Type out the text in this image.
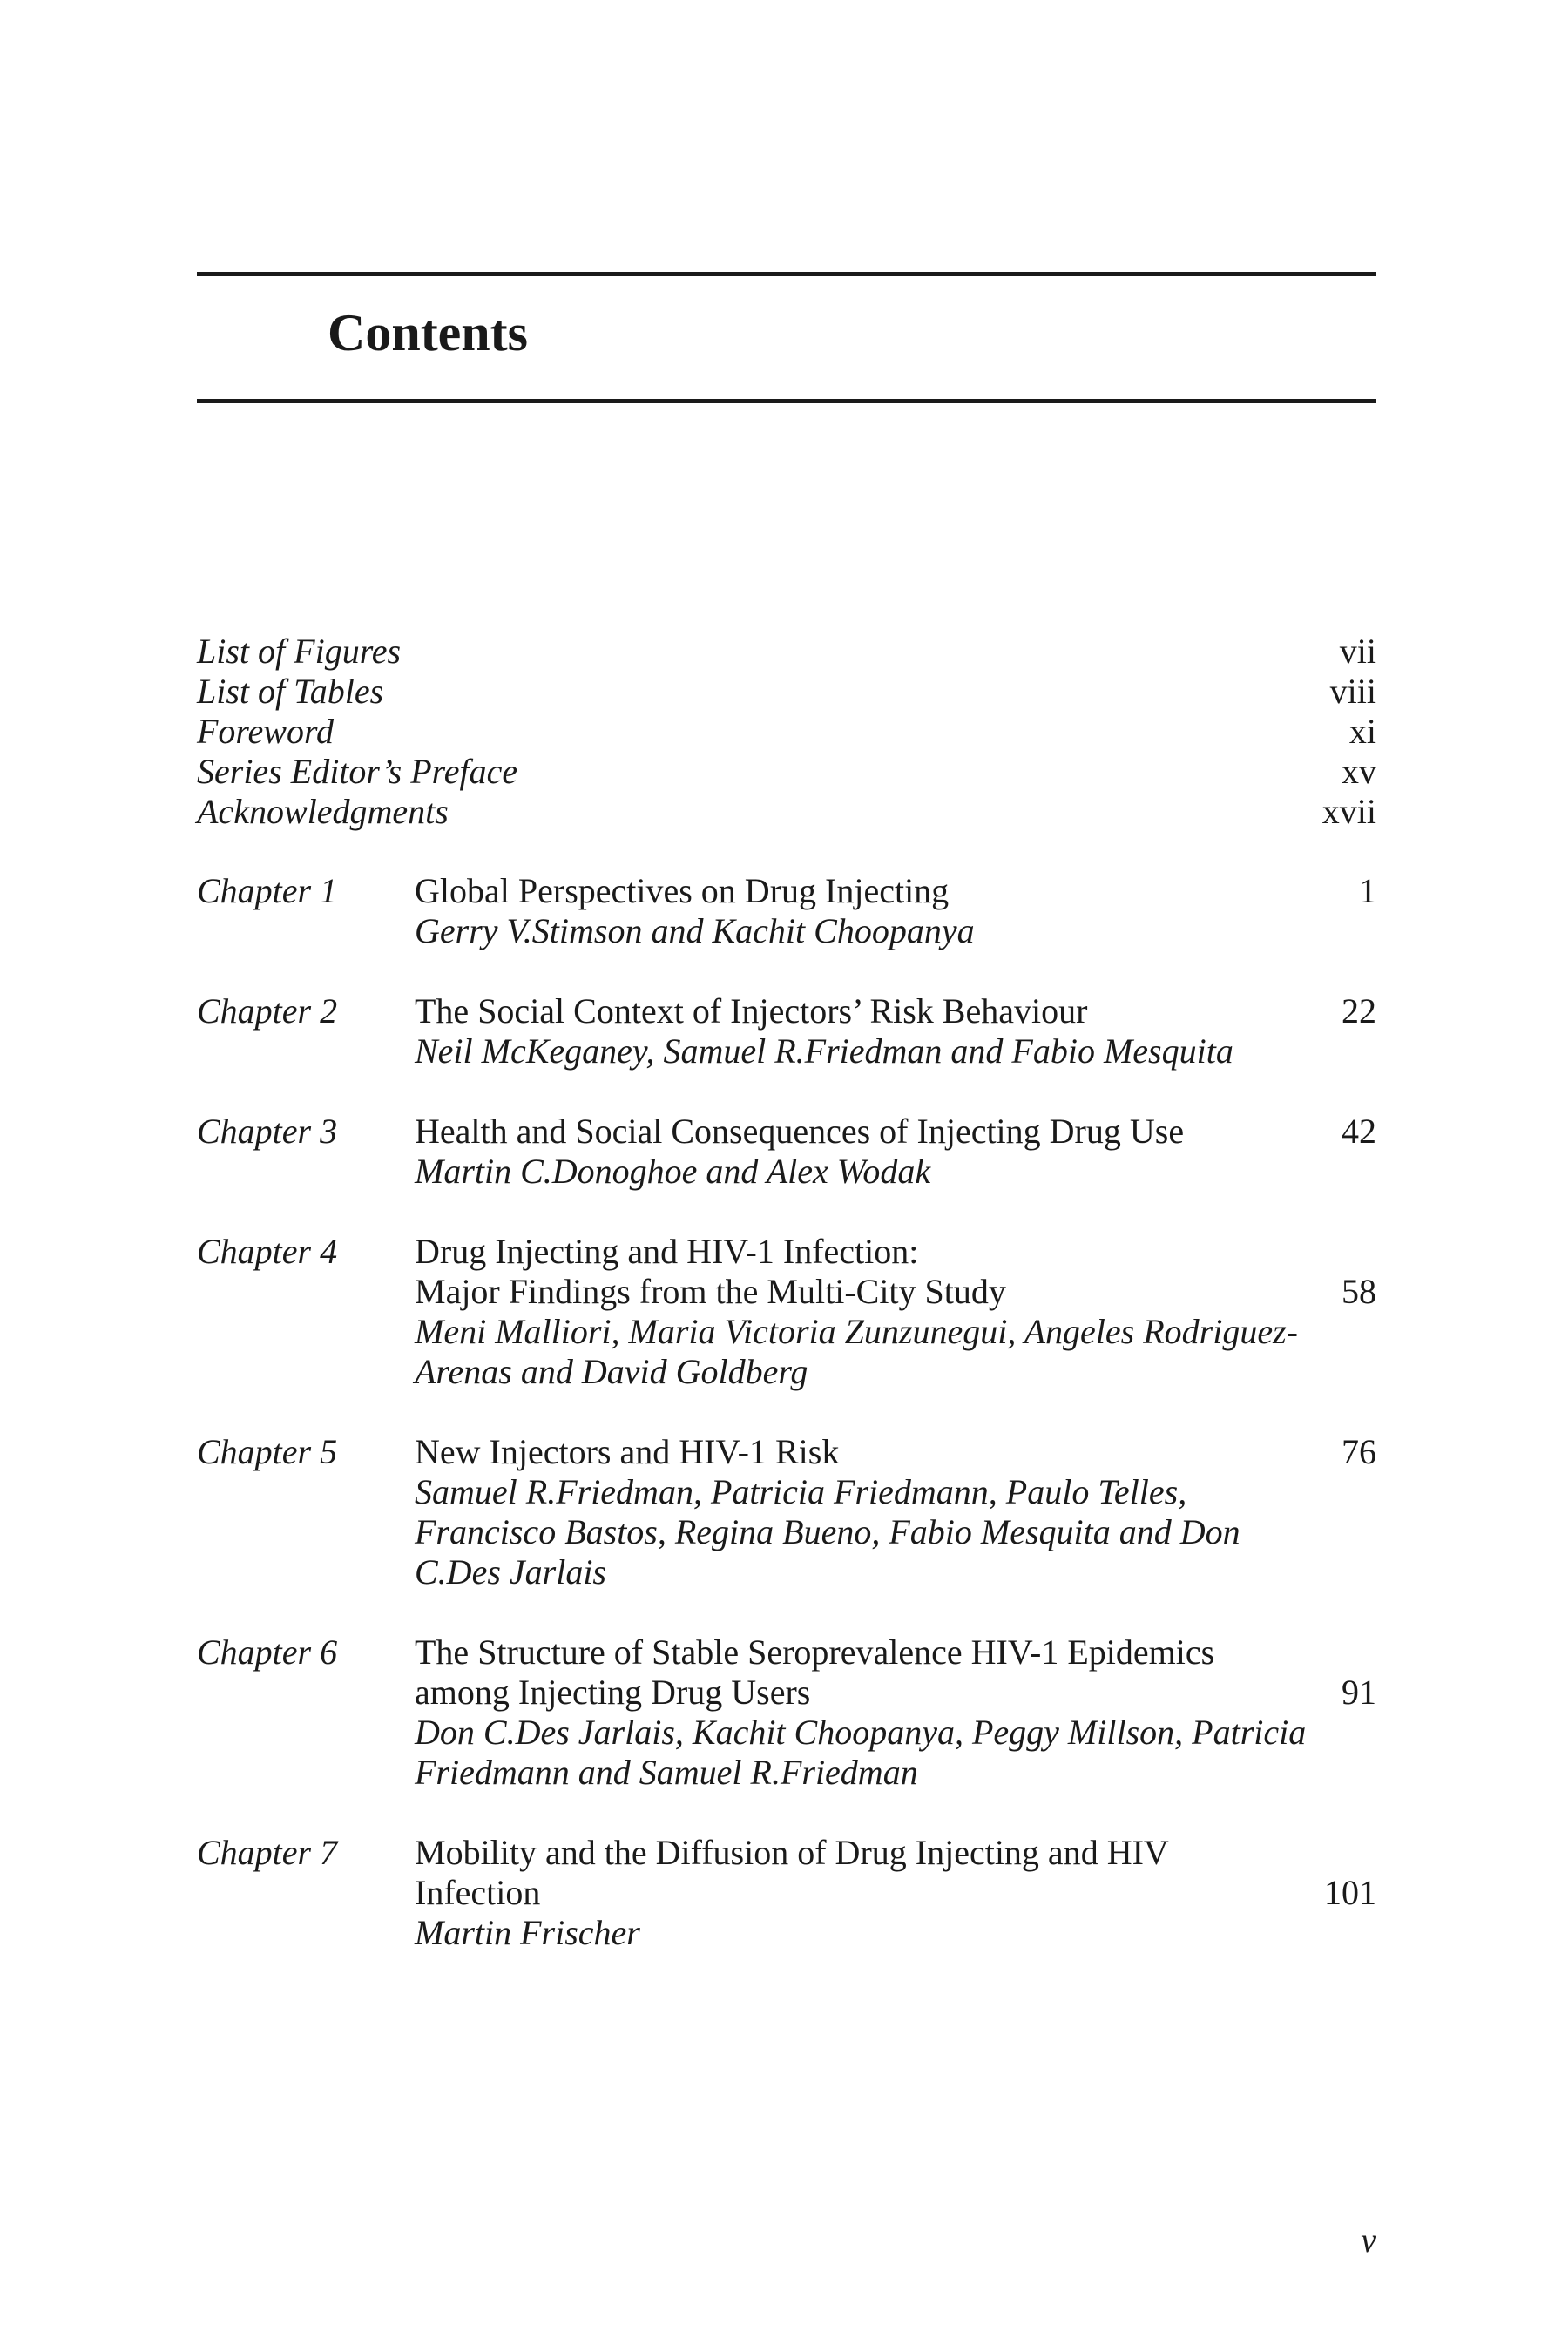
Contents
List of Figures	vii
List of Tables	viii
Foreword	xi
Series Editor’s Preface	xv
Acknowledgments	xvii
Chapter 1	Global Perspectives on Drug Injecting	1
Gerry V.Stimson and Kachit Choopanya
Chapter 2	The Social Context of Injectors’ Risk Behaviour	22
Neil McKeganey, Samuel R.Friedman and Fabio Mesquita
Chapter 3	Health and Social Consequences of Injecting Drug Use	42
Martin C.Donoghoe and Alex Wodak
Chapter 4	Drug Injecting and HIV-1 Infection:
Major Findings from the Multi-City Study	58
Meni Malliori, Maria Victoria Zunzunegui, Angeles Rodriguez-Arenas and David Goldberg
Chapter 5	New Injectors and HIV-1 Risk	76
Samuel R.Friedman, Patricia Friedmann, Paulo Telles, Francisco Bastos, Regina Bueno, Fabio Mesquita and Don C.Des Jarlais
Chapter 6	The Structure of Stable Seroprevalence HIV-1 Epidemics
among Injecting Drug Users	91
Don C.Des Jarlais, Kachit Choopanya, Peggy Millson, Patricia Friedmann and Samuel R.Friedman
Chapter 7	Mobility and the Diffusion of Drug Injecting and HIV
Infection	101
Martin Frischer
v
